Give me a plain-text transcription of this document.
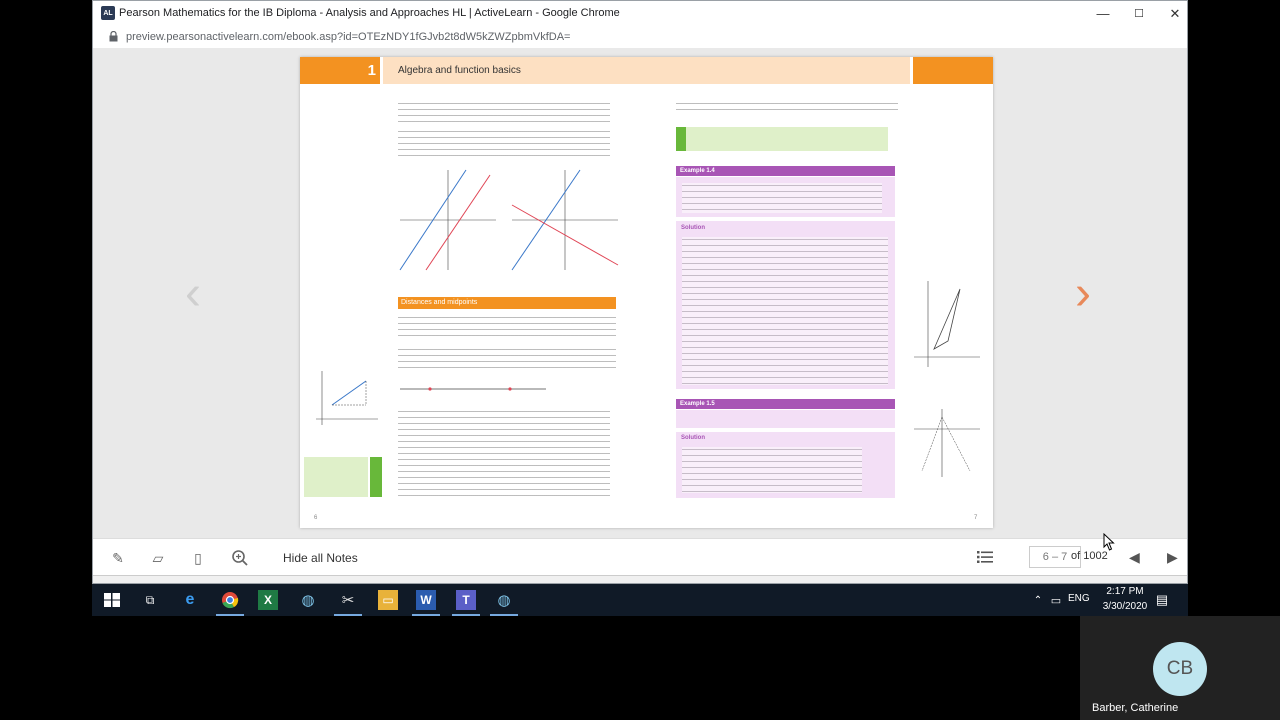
AL Pearson Mathematics for the IB Diploma - Analysis and Approaches HL | ActiveLearn - Google Chrome	—	☐	✕
preview.pearsonactivelearn.com/ebook.asp?id=OTEzNDY1fGJvb2t8dW5kZWZpbmVkfDA=
‹	›
1	Algebra and function basics
Distances and midpoints
6
Example 1.4
Solution
Example 1.5
Solution
7
✎ ▱	▯	Hide all Notes	6 – 7 of 1002 ◀ ▶
⧉	e	X	◍ ✂	▭	W	T	◍	⌃ ▭ ENG
2:17 PM
3/30/2020 ▤
CB
Barber, Catherine
